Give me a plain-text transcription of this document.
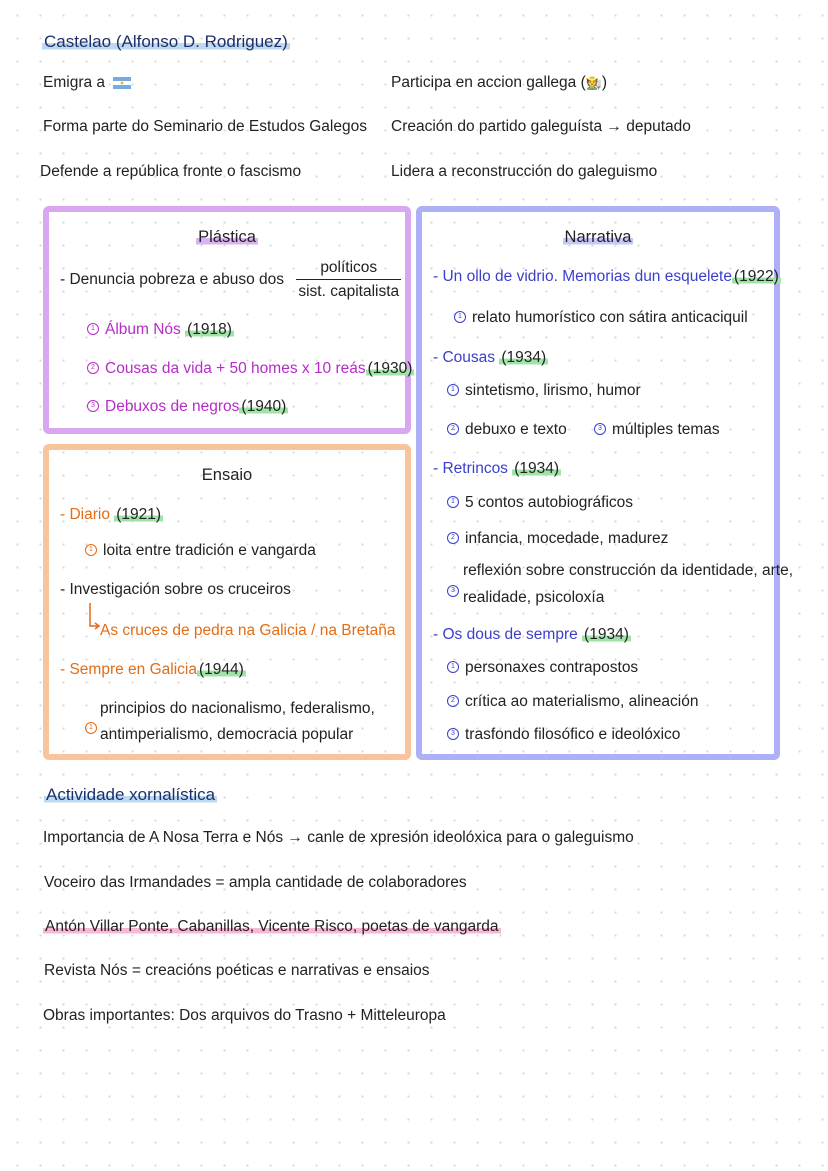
Castelao (Alfonso D. Rodriguez)
Emigra a
Forma parte do Seminario de Estudos Galegos
Defende a república fronte o fascismo
Participa en accion gallega (🧑‍🌾)
Creación do partido galeguísta → deputado
Lidera a reconstrucción do galeguismo
Plástica
- Denuncia pobreza e abuso dos $\frac{\text{políticos}}{\text{sist. capitalista}}$
1 Álbum Nós (1918)
2 Cousas da vida + 50 homes x 10 reás (1930)
3 Debuxos de negros (1940)
Ensaio
- Diario (1921)
1 loita entre tradición e vangarda
- Investigación sobre os cruceiros
As cruces de pedra na Galicia / na Bretaña
- Sempre en Galicia (1944)
1
principios do nacionalismo, federalismo,
antimperialismo, democracia popular
Narrativa
- Un ollo de vidrio. Memorias dun esquelete (1922)
1 relato humorístico con sátira anticaciquil
- Cousas (1934)
1 sintetismo, lirismo, humor
2 debuxo e texto	3 múltiples temas
- Retrincos (1934)
1 5 contos autobiográficos
2 infancia, mocedade, madurez
3
reflexión sobre construcción da identidade, arte,
realidade, psicoloxía
- Os dous de sempre (1934)
1 personaxes contrapostos
2 crítica ao materialismo, alineación
3 trasfondo filosófico e ideolóxico
Actividade xornalística
Importancia de A Nosa Terra e Nós → canle de xpresión ideolóxica para o galeguismo
Voceiro das Irmandades = ampla cantidade de colaboradores
Antón Villar Ponte, Cabanillas, Vicente Risco, poetas de vangarda
Revista Nós = creacións poéticas e narrativas e ensaios
Obras importantes: Dos arquivos do Trasno + Mitteleuropa
